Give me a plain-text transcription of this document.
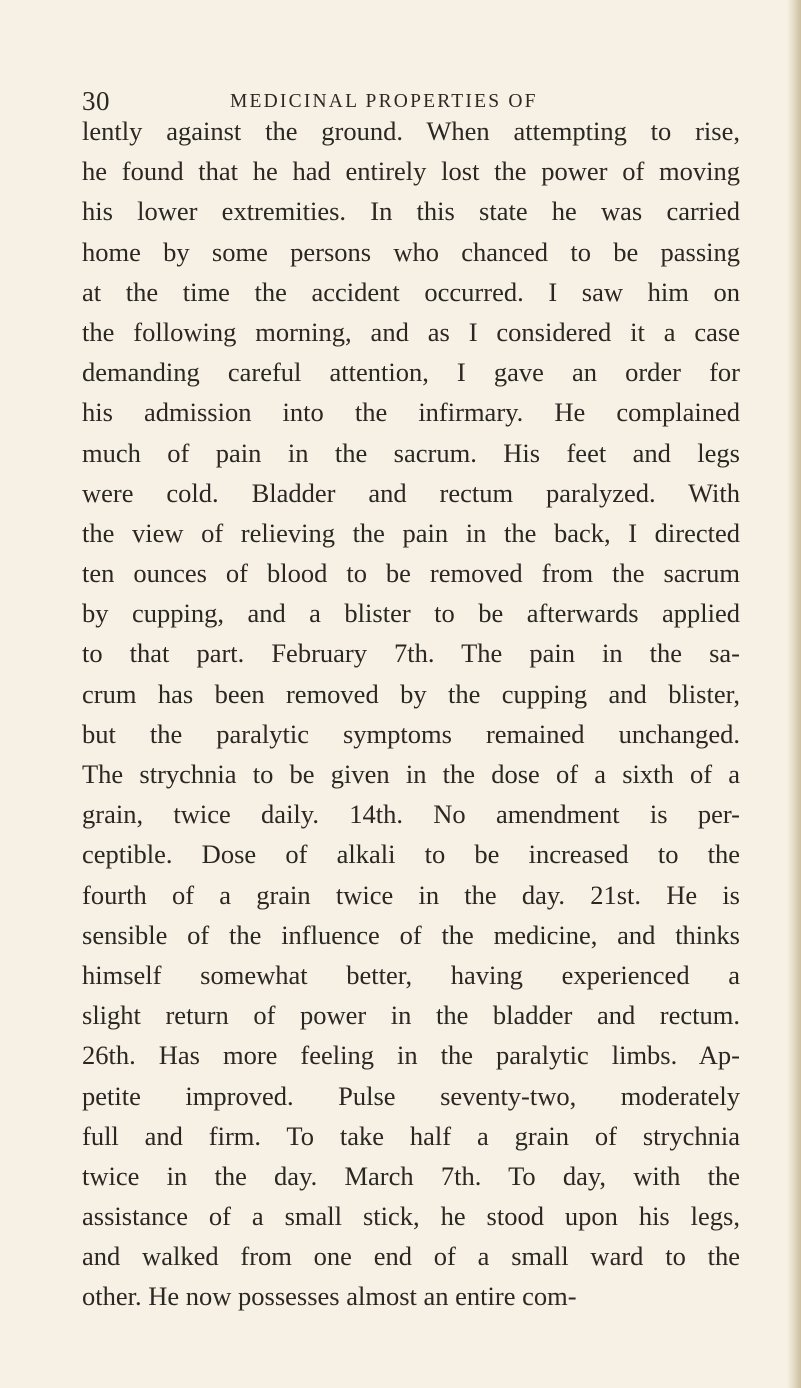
30	MEDICINAL PROPERTIES OF
lently against the ground. When attempting to rise,
he found that he had entirely lost the power of moving
his lower extremities. In this state he was carried
home by some persons who chanced to be passing
at the time the accident occurred. I saw him on
the following morning, and as I considered it a case
demanding careful attention, I gave an order for
his admission into the infirmary. He complained
much of pain in the sacrum. His feet and legs
were cold. Bladder and rectum paralyzed. With
the view of relieving the pain in the back, I directed
ten ounces of blood to be removed from the sacrum
by cupping, and a blister to be afterwards applied
to that part. February 7th. The pain in the sa-
crum has been removed by the cupping and blister,
but the paralytic symptoms remained unchanged.
The strychnia to be given in the dose of a sixth of a
grain, twice daily. 14th. No amendment is per-
ceptible. Dose of alkali to be increased to the
fourth of a grain twice in the day. 21st. He is
sensible of the influence of the medicine, and thinks
himself somewhat better, having experienced a
slight return of power in the bladder and rectum.
26th. Has more feeling in the paralytic limbs. Ap-
petite improved. Pulse seventy-two, moderately
full and firm. To take half a grain of strychnia
twice in the day. March 7th. To day, with the
assistance of a small stick, he stood upon his legs,
and walked from one end of a small ward to the
other. He now possesses almost an entire com-
